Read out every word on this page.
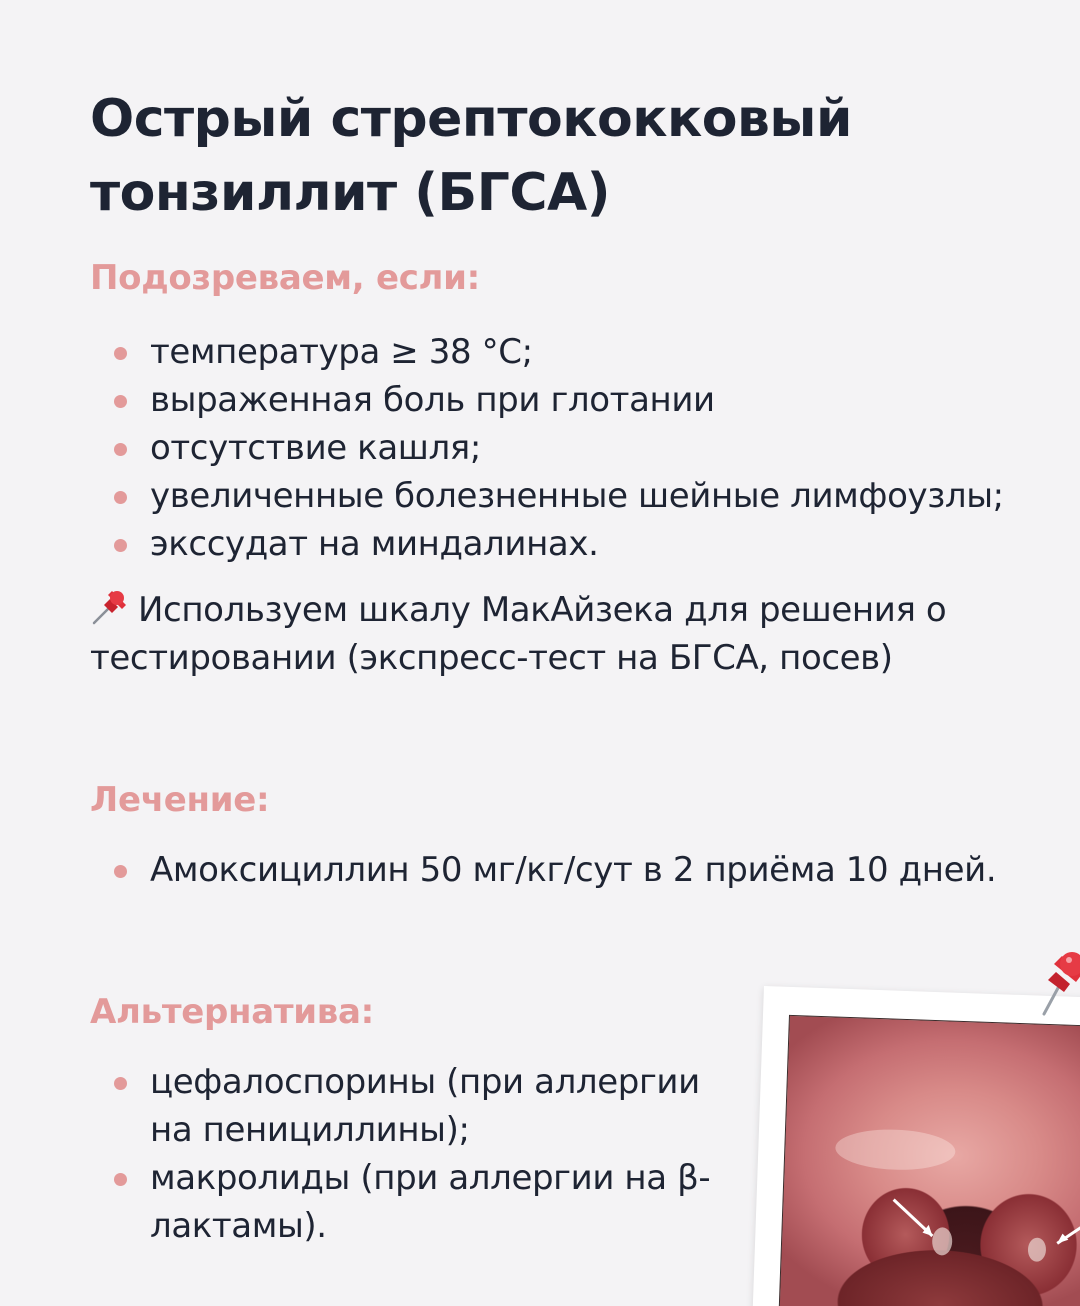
Острый стрептококковый тонзиллит (БГСА)
Подозреваем, если:
температура ≥ 38 °С;
выраженная боль при глотании
отсутствие кашля;
увеличенные болезненные шейные лимфоузлы;
экссудат на миндалинах.
Используем шкалу МакАйзека для решения о тестировании (экспресс-тест на БГСА, посев)
Лечение:
Амоксициллин 50 мг/кг/сут в 2 приёма 10 дней.
Альтернатива:
цефалоспорины (при аллергии на пенициллины);
макролиды (при аллергии на β-лактамы).
